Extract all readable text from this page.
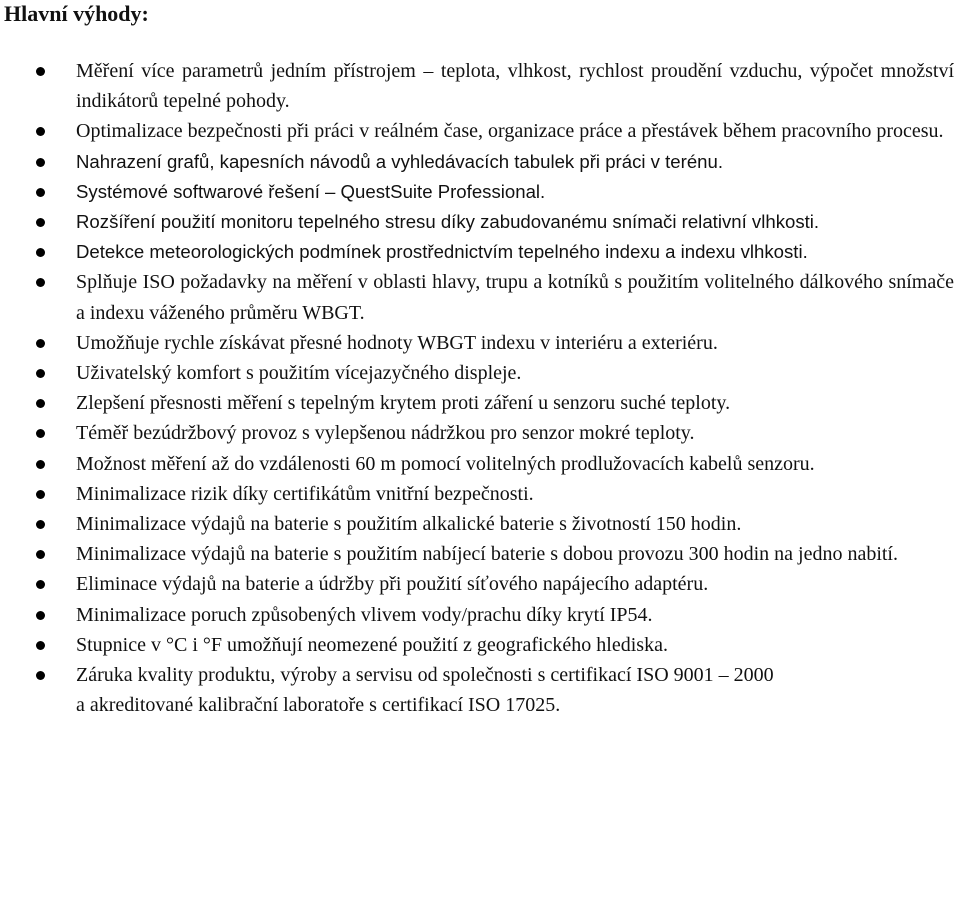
Hlavní výhody:
Měření více parametrů jedním přístrojem – teplota, vlhkost, rychlost proudění vzduchu, výpočet množství indikátorů tepelné pohody.
Optimalizace bezpečnosti při práci v reálném čase, organizace práce a přestávek během pracovního procesu.
Nahrazení grafů, kapesních návodů a vyhledávacích tabulek při práci v terénu.
Systémové softwarové řešení – QuestSuite Professional.
Rozšíření použití monitoru tepelného stresu díky zabudovanému snímači relativní vlhkosti.
Detekce meteorologických podmínek prostřednictvím tepelného indexu a indexu vlhkosti.
Splňuje ISO požadavky na měření v oblasti hlavy, trupu a kotníků s použitím volitelného dálkového snímače a indexu váženého průměru WBGT.
Umožňuje rychle získávat přesné hodnoty WBGT indexu v interiéru a exteriéru.
Uživatelský komfort s použitím vícejazyčného displeje.
Zlepšení přesnosti měření s tepelným krytem proti záření u senzoru suché teploty.
Téměř bezúdržbový provoz s vylepšenou nádržkou pro senzor mokré teploty.
Možnost měření až do vzdálenosti 60 m pomocí volitelných prodlužovacích kabelů senzoru.
Minimalizace rizik díky certifikátům vnitřní bezpečnosti.
Minimalizace výdajů na baterie s použitím alkalické baterie s životností 150 hodin.
Minimalizace výdajů na baterie s použitím nabíjecí baterie s dobou provozu 300 hodin na jedno nabití.
Eliminace výdajů na baterie a údržby při použití síťového napájecího adaptéru.
Minimalizace poruch způsobených vlivem vody/prachu díky krytí IP54.
Stupnice v °C i °F umožňují neomezené použití z geografického hlediska.
Záruka kvality produktu, výroby a servisu od společnosti s certifikací ISO 9001 – 2000
a akreditované kalibrační laboratoře s certifikací ISO 17025.
